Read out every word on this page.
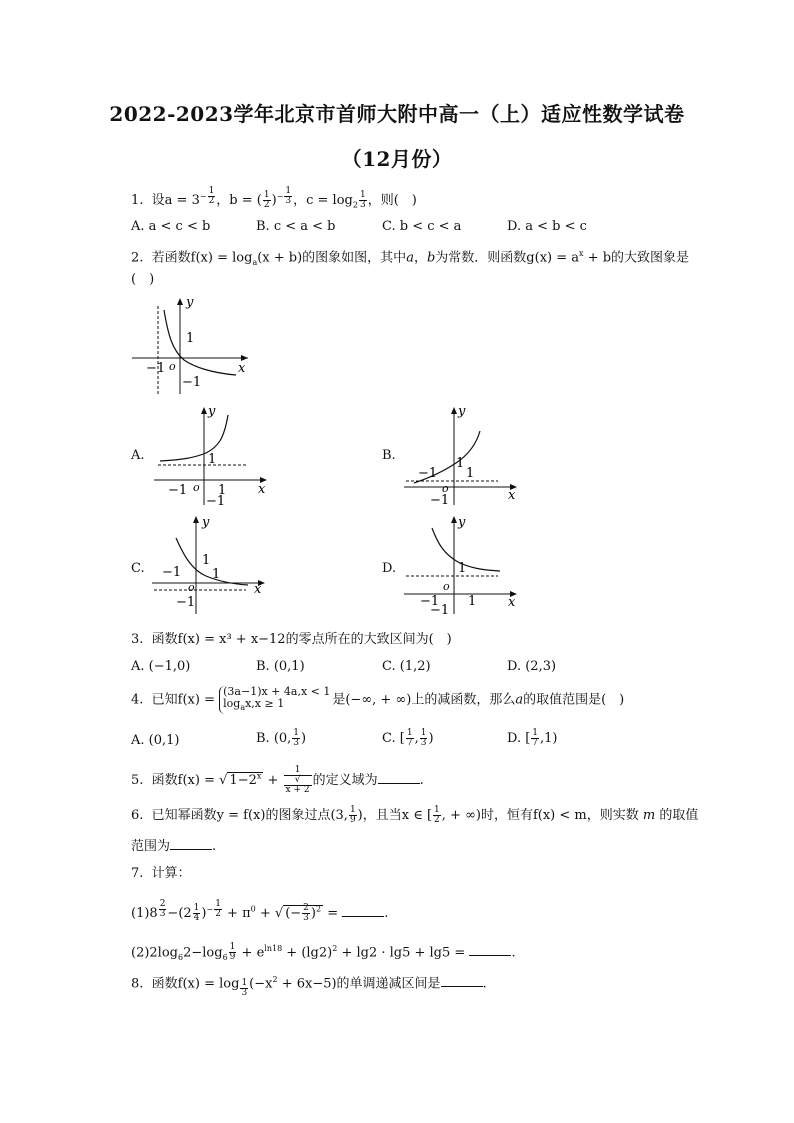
2022-2023学年北京市首师大附中高一（上）适应性数学试卷
（12月份）
1. 设$a = 3^{- \frac{1}{2}}$ ，b = ( $\frac{1}{2} )^{- \frac{1}{3}}$ ，$c = \log_2 \frac{1}{3}$ ，则(　)
A. a < c < b	B. c < a < b	C. b < c < a	D. a < b < c
2. 若函数$f(x) = \log_a(x + b)$的图象如图，其中a，b为常数．则函数$g(x) = a^x + b$的大致图象是
(　)
y
x
o
1
−1
−1
A.
y
x
o
1
−1 1
−1
B.
y
x
o
1
−1 1
−1
C.
y
x
o
1
−1 1
−1
D.
y
x
o
1
−1 1
−1
3. 函数f(x) = x³ + x−12的零点所在的大致区间为(　)
A. (−1,0)	B. (0,1)	C. (1,2)	D. (2,3)
4. 已知f(x) =
(3a−1)x + 4a,x < 1
$\log_ax,x \ge 1$	是(−∞, + ∞)上的减函数，那么a的取值范围是(　)
A. (0,1)	B. (0, $\frac{1}{3}$ )	C. [ $\frac{1}{7}$ , $\frac{1}{3}$ )	D. [ $\frac{1}{7} ,1$)
5. 函数f(x) = √ $1-2^x + 1$
√
x + 2 的定义域为	.
6. 已知幂函数y = f(x)的图象过点(3, $\frac{1}{9}$ )，且当x ∈ [ $\frac{1}{2}$ , + ∞)时，恒有f(x) < m，则实数 m 的取值
范围为	.
7. 计算：
(1)8 $^{\frac{2}{3}} -(2 \frac{1}{4} )^{- \frac{1}{2}} + \pi^0$ + √ (− $\frac{2}{3} )^2$ =	.
$(2)2\log_62-\log_6 \frac{1}{9} + e^{ln18} + (\lg 2)^2 + \lg 2 \cdot \lg 5 + \lg 5$ =	.
8. 函数f(x) = log $_{\frac{1}{3}}$ $(-x^2 + 6x-5)$的单调递减区间是	.
